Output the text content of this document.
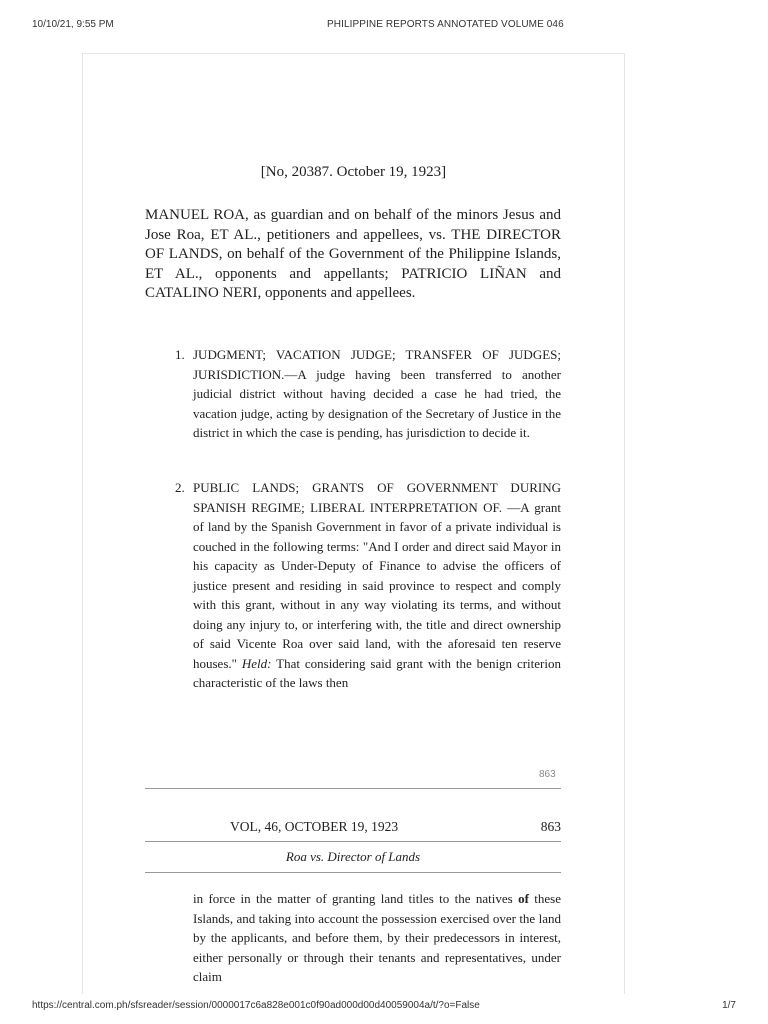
10/10/21, 9:55 PM	PHILIPPINE REPORTS ANNOTATED VOLUME 046
[No, 20387. October 19, 1923]
MANUEL ROA, as guardian and on behalf of the minors Jesus and Jose Roa, ET AL., petitioners and appellees, vs. THE DIRECTOR OF LANDS, on behalf of the Government of the Philippine Islands, ET AL., opponents and appellants; PATRICIO LIÑAN and CATALINO NERI, opponents and appellees.
1. JUDGMENT; VACATION JUDGE; TRANSFER OF JUDGES; JURISDICTION.—A judge having been transferred to another judicial district without having decided a case he had tried, the vacation judge, acting by designation of the Secretary of Justice in the district in which the case is pending, has jurisdiction to decide it.
2. PUBLIC LANDS; GRANTS OF GOVERNMENT DURING SPANISH REGIME; LIBERAL INTERPRETATION OF. —A grant of land by the Spanish Government in favor of a private individual is couched in the following terms: "And I order and direct said Mayor in his capacity as Under-Deputy of Finance to advise the officers of justice present and residing in said province to respect and comply with this grant, without in any way violating its terms, and without doing any injury to, or interfering with, the title and direct ownership of said Vicente Roa over said land, with the aforesaid ten reserve houses." Held: That considering said grant with the benign criterion characteristic of the laws then
863
VOL, 46, OCTOBER 19, 1923	863
Roa vs. Director of Lands
in force in the matter of granting land titles to the natives of these Islands, and taking into account the possession exercised over the land by the applicants, and before them, by their predecessors in interest, either personally or through their tenants and representatives, under claim
https://central.com.ph/sfsreader/session/0000017c6a828e001c0f90ad000d00d40059004a/t/?o=False	1/7
